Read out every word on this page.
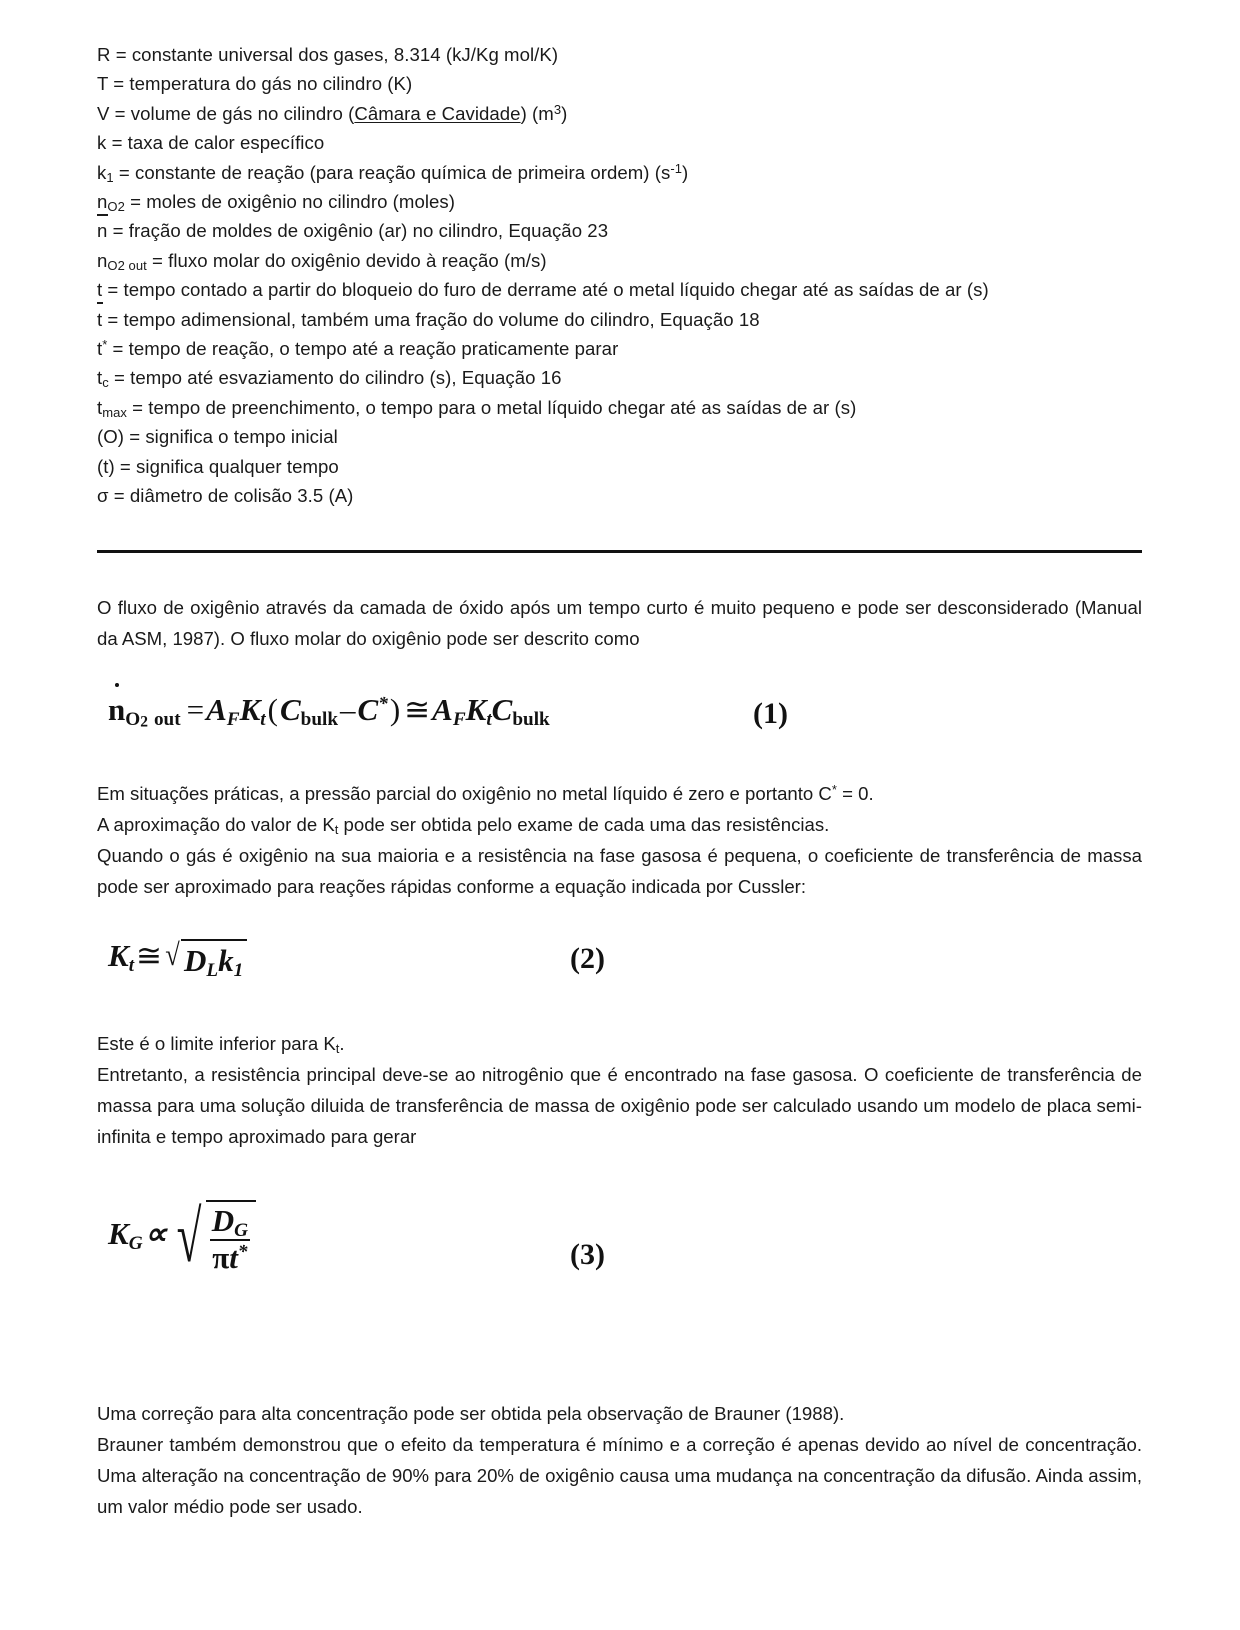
R = constante universal dos gases, 8.314 (kJ/Kg mol/K)
T = temperatura do gás no cilindro (K)
V = volume de gás no cilindro (Câmara e Cavidade) $(m^3)$
k = taxa de calor específico
$k_1$ = constante de reação (para reação química de primeira ordem) $(s^{-1})$
$n_{O2}$ = moles de oxigênio no cilindro (moles)
n = fração de moldes de oxigênio (ar) no cilindro, Equação 23
$n_{O2 out}$ = fluxo molar do oxigênio devido à reação (m/s)
t = tempo contado a partir do bloqueio do furo de derrame até o metal líquido chegar até as saídas de ar (s)
t = tempo adimensional, também uma fração do volume do cilindro, Equação 18
t* = tempo de reação, o tempo até a reação praticamente parar
$t_c$ = tempo até esvaziamento do cilindro (s), Equação 16
$t_{max}$ = tempo de preenchimento, o tempo para o metal líquido chegar até as saídas de ar (s)
(O) = significa o tempo inicial
(t) = significa qualquer tempo
σ = diâmetro de colisão 3.5 (A)

O fluxo de oxigênio através da camada de óxido após um tempo curto é muito pequeno e pode ser desconsiderado (Manual da ASM, 1987). O fluxo molar do oxigênio pode ser descrito como

$nO_2$ out =AFKt(Cbulk–C*) ≅AFKtCbulk	(1)

Em situações práticas, a pressão parcial do oxigênio no metal líquido é zero e portanto C* = 0.

A aproximação do valor de $K_t$ pode ser obtida pelo exame de cada uma das resistências.

Quando o gás é oxigênio na sua maioria e a resistência na fase gasosa é pequena, o coeficiente de transferência de massa pode ser aproximado para reações rápidas conforme a equação indicada por Cussler:

Kt≅ √ DLk1	(2)

Este é o limite inferior para $K_t$.

Entretanto, a resistência principal deve-se ao nitrogênio que é encontrado na fase gasosa. O coeficiente de transferência de massa para uma solução diluida de transferência de massa de oxigênio pode ser calculado usando um modelo de placa semi-infinita e tempo aproximado para gerar

KG∝ √ $\frac{DG}{\pi t^*}$	(3)

Uma correção para alta concentração pode ser obtida pela observação de Brauner (1988).

Brauner também demonstrou que o efeito da temperatura é mínimo e a correção é apenas devido ao nível de concentração. Uma alteração na concentração de 90% para 20% de oxigênio causa uma mudança na concentração da difusão. Ainda assim, um valor médio pode ser usado.
